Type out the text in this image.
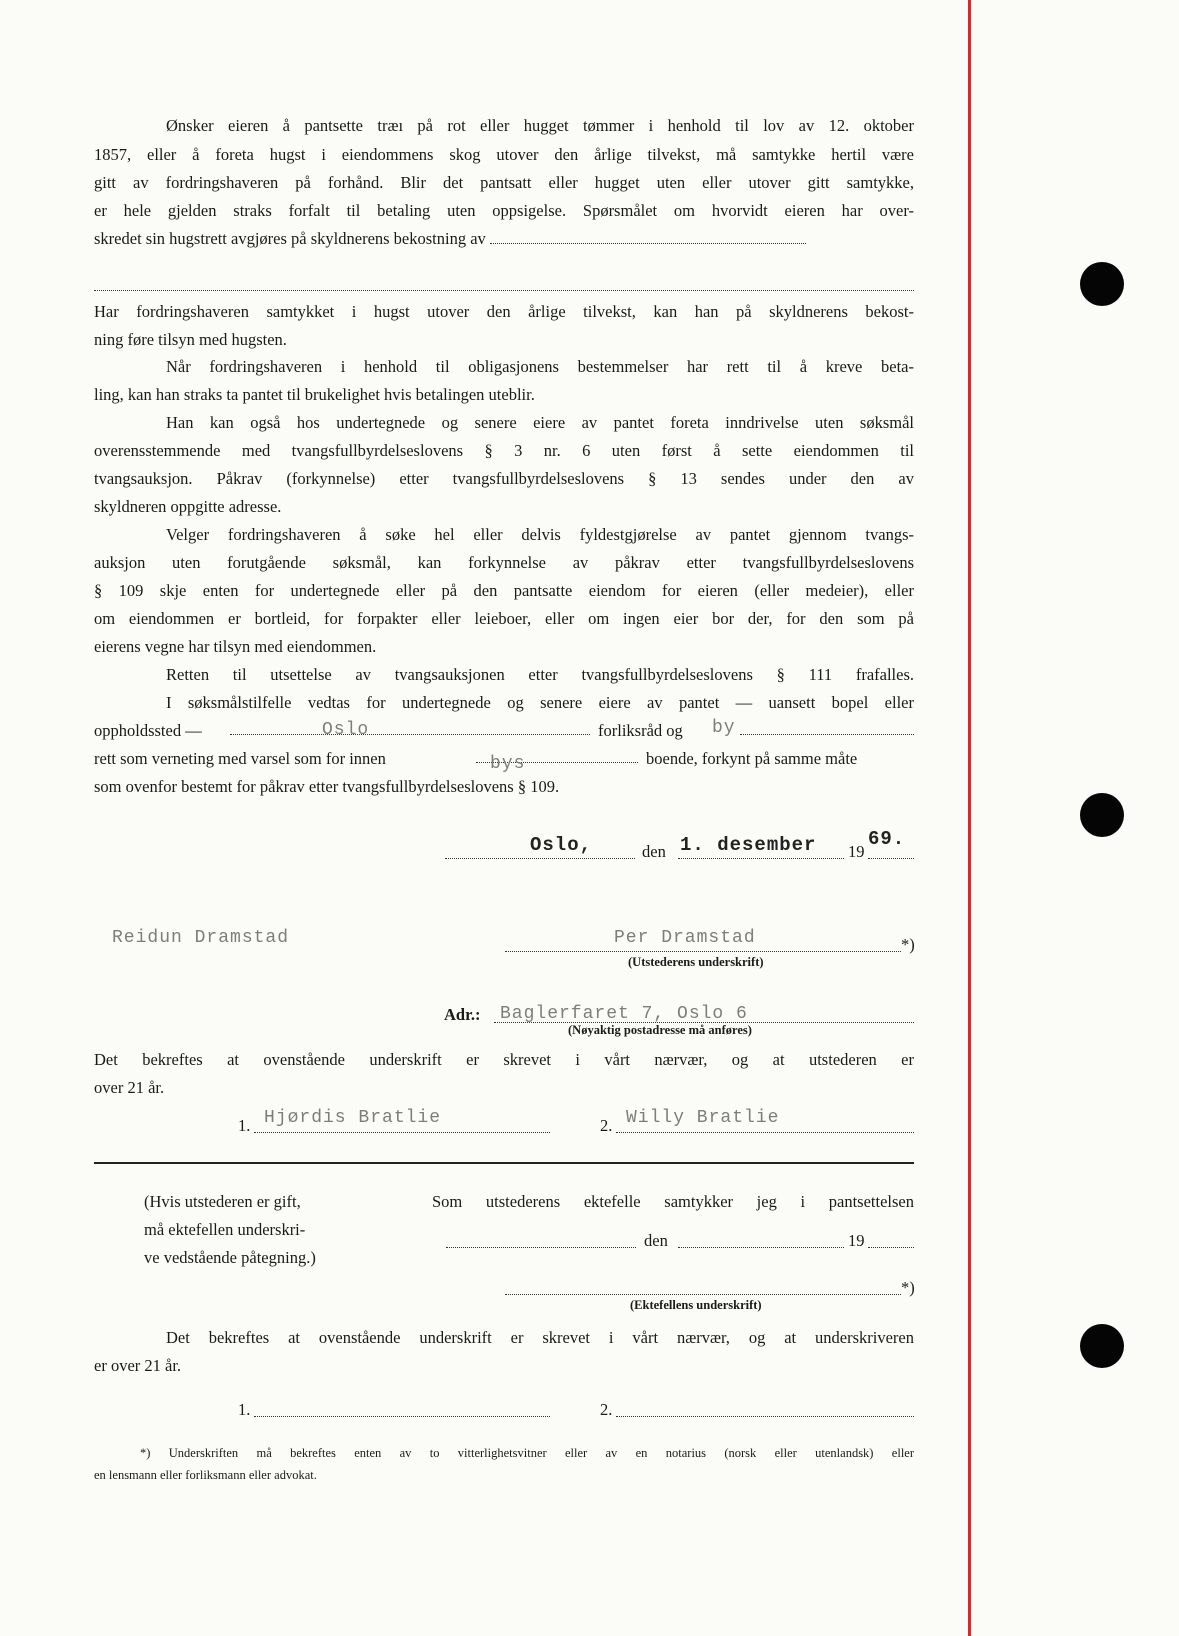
Ønsker eieren å pantsette træı på rot eller hugget tømmer i henhold til lov av 12. oktober
1857, eller å foreta hugst i eiendommens skog utover den årlige tilvekst, må samtykke hertil være
gitt av fordringshaveren på forhånd. Blir det pantsatt eller hugget uten eller utover gitt samtykke,
er hele gjelden straks forfalt til betaling uten oppsigelse. Spørsmålet om hvorvidt eieren har over-
skredet sin hugstrett avgjøres på skyldnerens bekostning av
Har fordringshaveren samtykket i hugst utover den årlige tilvekst, kan han på skyldnerens bekost-
ning føre tilsyn med hugsten.
Når fordringshaveren i henhold til obligasjonens bestemmelser har rett til å kreve beta-
ling, kan han straks ta pantet til brukelighet hvis betalingen uteblir.
Han kan også hos undertegnede og senere eiere av pantet foreta inndrivelse uten søksmål
overensstemmende med tvangsfullbyrdelseslovens § 3 nr. 6 uten først å sette eiendommen til
tvangsauksjon. Påkrav (forkynnelse) etter tvangsfullbyrdelseslovens § 13 sendes under den av
skyldneren oppgitte adresse.
Velger fordringshaveren å søke hel eller delvis fyldestgjørelse av pantet gjennom tvangs-
auksjon uten forutgående søksmål, kan forkynnelse av påkrav etter tvangsfullbyrdelseslovens
§ 109 skje enten for undertegnede eller på den pantsatte eiendom for eieren (eller medeier), eller
om eiendommen er bortleid, for forpakter eller leieboer, eller om ingen eier bor der, for den som på
eierens vegne har tilsyn med eiendommen.
Retten til utsettelse av tvangsauksjonen etter tvangsfullbyrdelseslovens § 111 frafalles.
I søksmålstilfelle vedtas for undertegnede og senere eiere av pantet — uansett bopel eller
oppholdssted —	Oslo	forliksråd og by
rett som verneting med varsel som for innen	bys	boende, forkynt på samme måte
som ovenfor bestemt for påkrav etter tvangsfullbyrdelseslovens § 109.
Oslo,	den 1. desember 19
69.
Reidun Dramstad	Per Dramstad	*)
(Utstederens underskrift)
Adr.: Baglerfaret 7, Oslo 6
(Nøyaktig postadresse må anføres)
Det bekreftes at ovenstående underskrift er skrevet i vårt nærvær, og at utstederen er
over 21 år.
1. Hjørdis Bratlie	2. Willy Bratlie
(Hvis utstederen er gift,
må ektefellen underskri-
ve vedstående påtegning.)
Som utstederens ektefelle samtykker jeg i pantsettelsen
den	19
*)
(Ektefellens underskrift)
Det bekreftes at ovenstående underskrift er skrevet i vårt nærvær, og at underskriveren
er over 21 år.
1.	2.
*) Underskriften må bekreftes enten av to vitterlighetsvitner eller av en notarius (norsk eller utenlandsk) eller
en lensmann eller forliksmann eller advokat.
